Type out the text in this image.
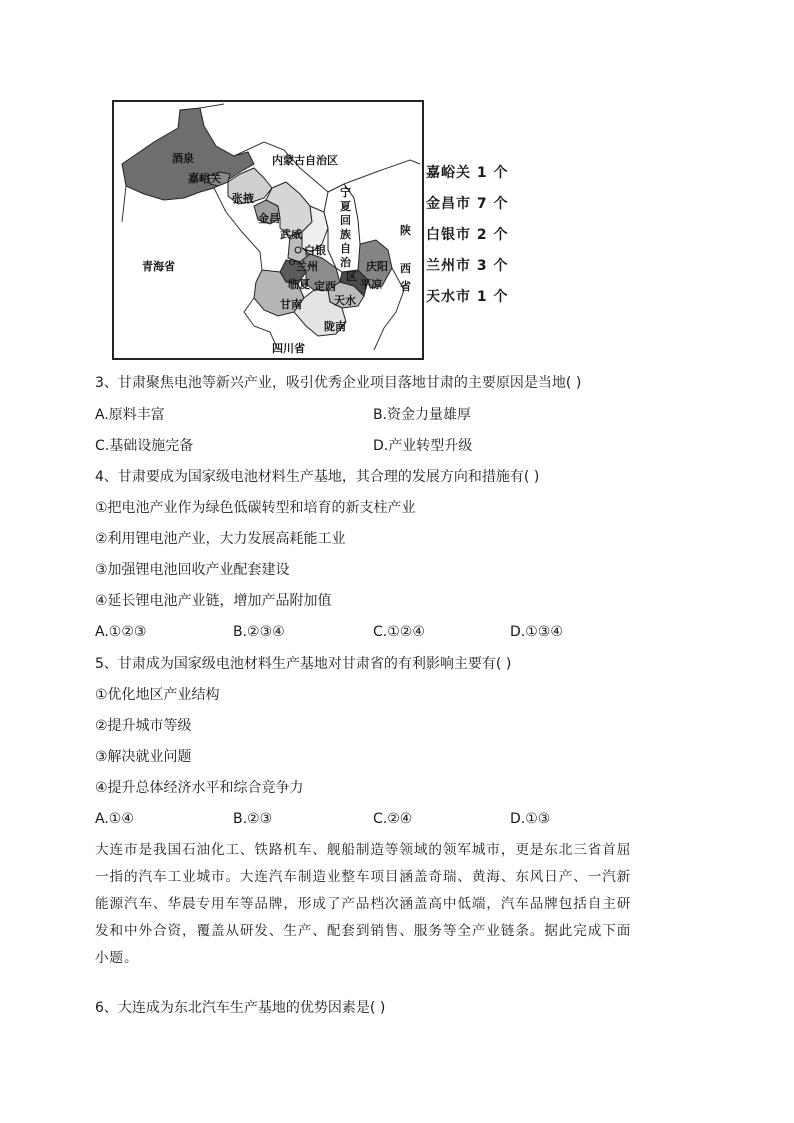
酒泉
嘉峪关
内蒙古自治区
张掖
金昌
武威
白银
兰州
青海省
临夏 定西
庆阳
平凉
甘南	天水
陇南
四川省
宁
夏
回
族
自
治
区
陕
西
省
嘉峪关 1 个
金昌市 7 个
白银市 2 个
兰州市 3 个
天水市 1 个
3、甘肃聚焦电池等新兴产业，吸引优秀企业项目落地甘肃的主要原因是当地( )
A.原料丰富	B.资金力量雄厚
C.基础设施完备	D.产业转型升级
4、甘肃要成为国家级电池材料生产基地，其合理的发展方向和措施有( )
①把电池产业作为绿色低碳转型和培育的新支柱产业
②利用锂电池产业，大力发展高耗能工业
③加强锂电池回收产业配套建设
④延长锂电池产业链，增加产品附加值
A.①②③	B.②③④	C.①②④	D.①③④
5、甘肃成为国家级电池材料生产基地对甘肃省的有利影响主要有( )
①优化地区产业结构
②提升城市等级
③解决就业问题
④提升总体经济水平和综合竞争力
A.①④	B.②③	C.②④	D.①③
大连市是我国石油化工、铁路机车、舰船制造等领域的领军城市，更是东北三省首屈
一指的汽车工业城市。大连汽车制造业整车项目涵盖奇瑞、黄海、东风日产、一汽新
能源汽车、华晨专用车等品牌，形成了产品档次涵盖高中低端，汽车品牌包括自主研
发和中外合资，覆盖从研发、生产、配套到销售、服务等全产业链条。据此完成下面
小题。
6、大连成为东北汽车生产基地的优势因素是( )
